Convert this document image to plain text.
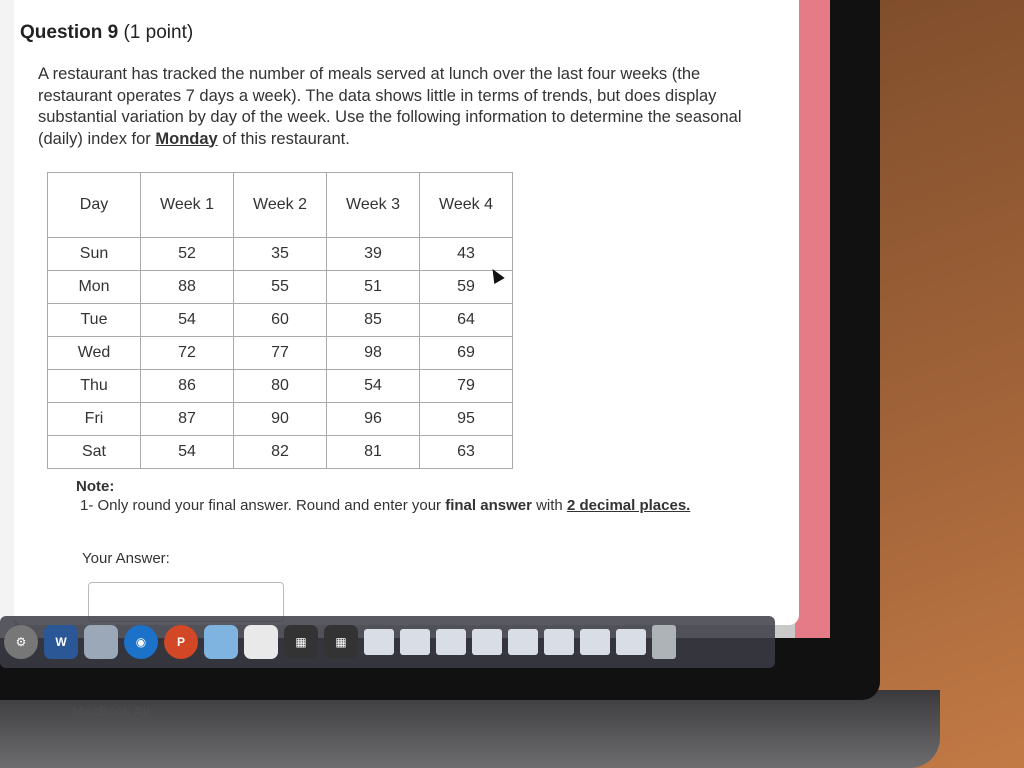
MacBook Air
Question 9 (1 point)
A restaurant has tracked the number of meals served at lunch over the last four weeks (the restaurant operates 7 days a week). The data shows little in terms of trends, but does display substantial variation by day of the week. Use the following information to determine the seasonal (daily) index for Monday of this restaurant.
Day	Week 1	Week 2	Week 3	Week 4
Sun	52	35	39	43
Mon	88	55	51	59
Tue	54	60	85	64
Wed	72	77	98	69
Thu	86	80	54	79
Fri	87	90	96	95
Sat	54	82	81	63
Note:
1- Only round your final answer. Round and enter your final answer with 2 decimal places.
Your Answer:
⚙	W	◉	P	▦	▦
